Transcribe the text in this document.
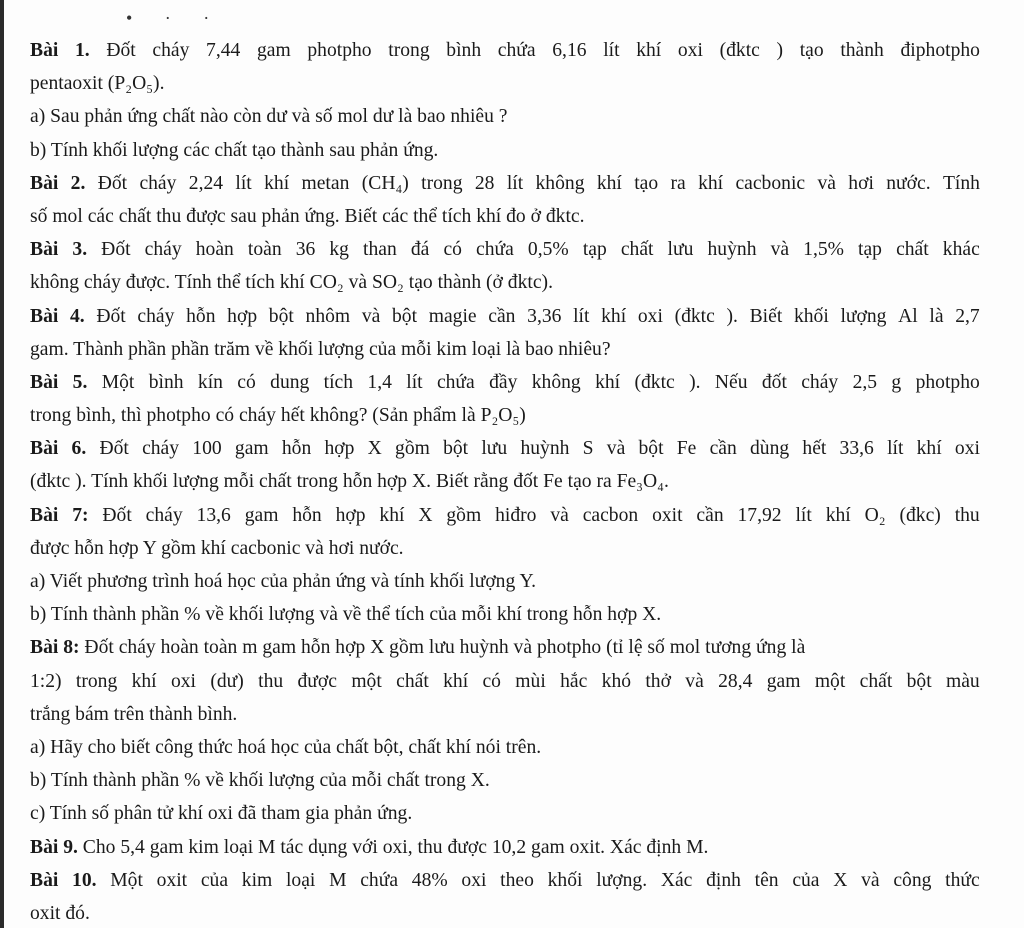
• · ·
Bài 1. Đốt cháy 7,44 gam photpho trong bình chứa 6,16 lít khí oxi (đktc ) tạo thành điphotpho
pentaoxit (P₂O₅).
a) Sau phản ứng chất nào còn dư và số mol dư là bao nhiêu ?
b) Tính khối lượng các chất tạo thành sau phản ứng.
Bài 2. Đốt cháy 2,24 lít khí metan (CH₄) trong 28 lít không khí tạo ra khí cacbonic và hơi nước. Tính
số mol các chất thu được sau phản ứng. Biết các thể tích khí đo ở đktc.
Bài 3. Đốt cháy hoàn toàn 36 kg than đá có chứa 0,5% tạp chất lưu huỳnh và 1,5% tạp chất khác
không cháy được. Tính thể tích khí CO₂ và SO₂ tạo thành (ở đktc).
Bài 4. Đốt cháy hỗn hợp bột nhôm và bột magie cần 3,36 lít khí oxi (đktc ). Biết khối lượng Al là 2,7
gam. Thành phần phần trăm về khối lượng của mỗi kim loại là bao nhiêu?
Bài 5. Một bình kín có dung tích 1,4 lít chứa đầy không khí (đktc ). Nếu đốt cháy 2,5 g photpho
trong bình, thì photpho có cháy hết không? (Sản phẩm là P₂O₅)
Bài 6. Đốt cháy 100 gam hỗn hợp X gồm bột lưu huỳnh S và bột Fe cần dùng hết 33,6 lít khí oxi
(đktc ). Tính khối lượng mỗi chất trong hỗn hợp X. Biết rằng đốt Fe tạo ra Fe₃O₄.
Bài 7: Đốt cháy 13,6 gam hỗn hợp khí X gồm hiđro và cacbon oxit cần 17,92 lít khí O₂ (đkc) thu
được hỗn hợp Y gồm khí cacbonic và hơi nước.
a) Viết phương trình hoá học của phản ứng và tính khối lượng Y.
b) Tính thành phần % về khối lượng và về thể tích của mỗi khí trong hỗn hợp X.
Bài 8: Đốt cháy hoàn toàn m gam hỗn hợp X gồm lưu huỳnh và photpho (tỉ lệ số mol tương ứng là
1:2) trong khí oxi (dư) thu được một chất khí có mùi hắc khó thở và 28,4 gam một chất bột màu
trắng bám trên thành bình.
a) Hãy cho biết công thức hoá học của chất bột, chất khí nói trên.
b) Tính thành phần % về khối lượng của mỗi chất trong X.
c) Tính số phân tử khí oxi đã tham gia phản ứng.
Bài 9. Cho 5,4 gam kim loại M tác dụng với oxi, thu được 10,2 gam oxit. Xác định M.
Bài 10. Một oxit của kim loại M chứa 48% oxi theo khối lượng. Xác định tên của X và công thức
oxit đó.
